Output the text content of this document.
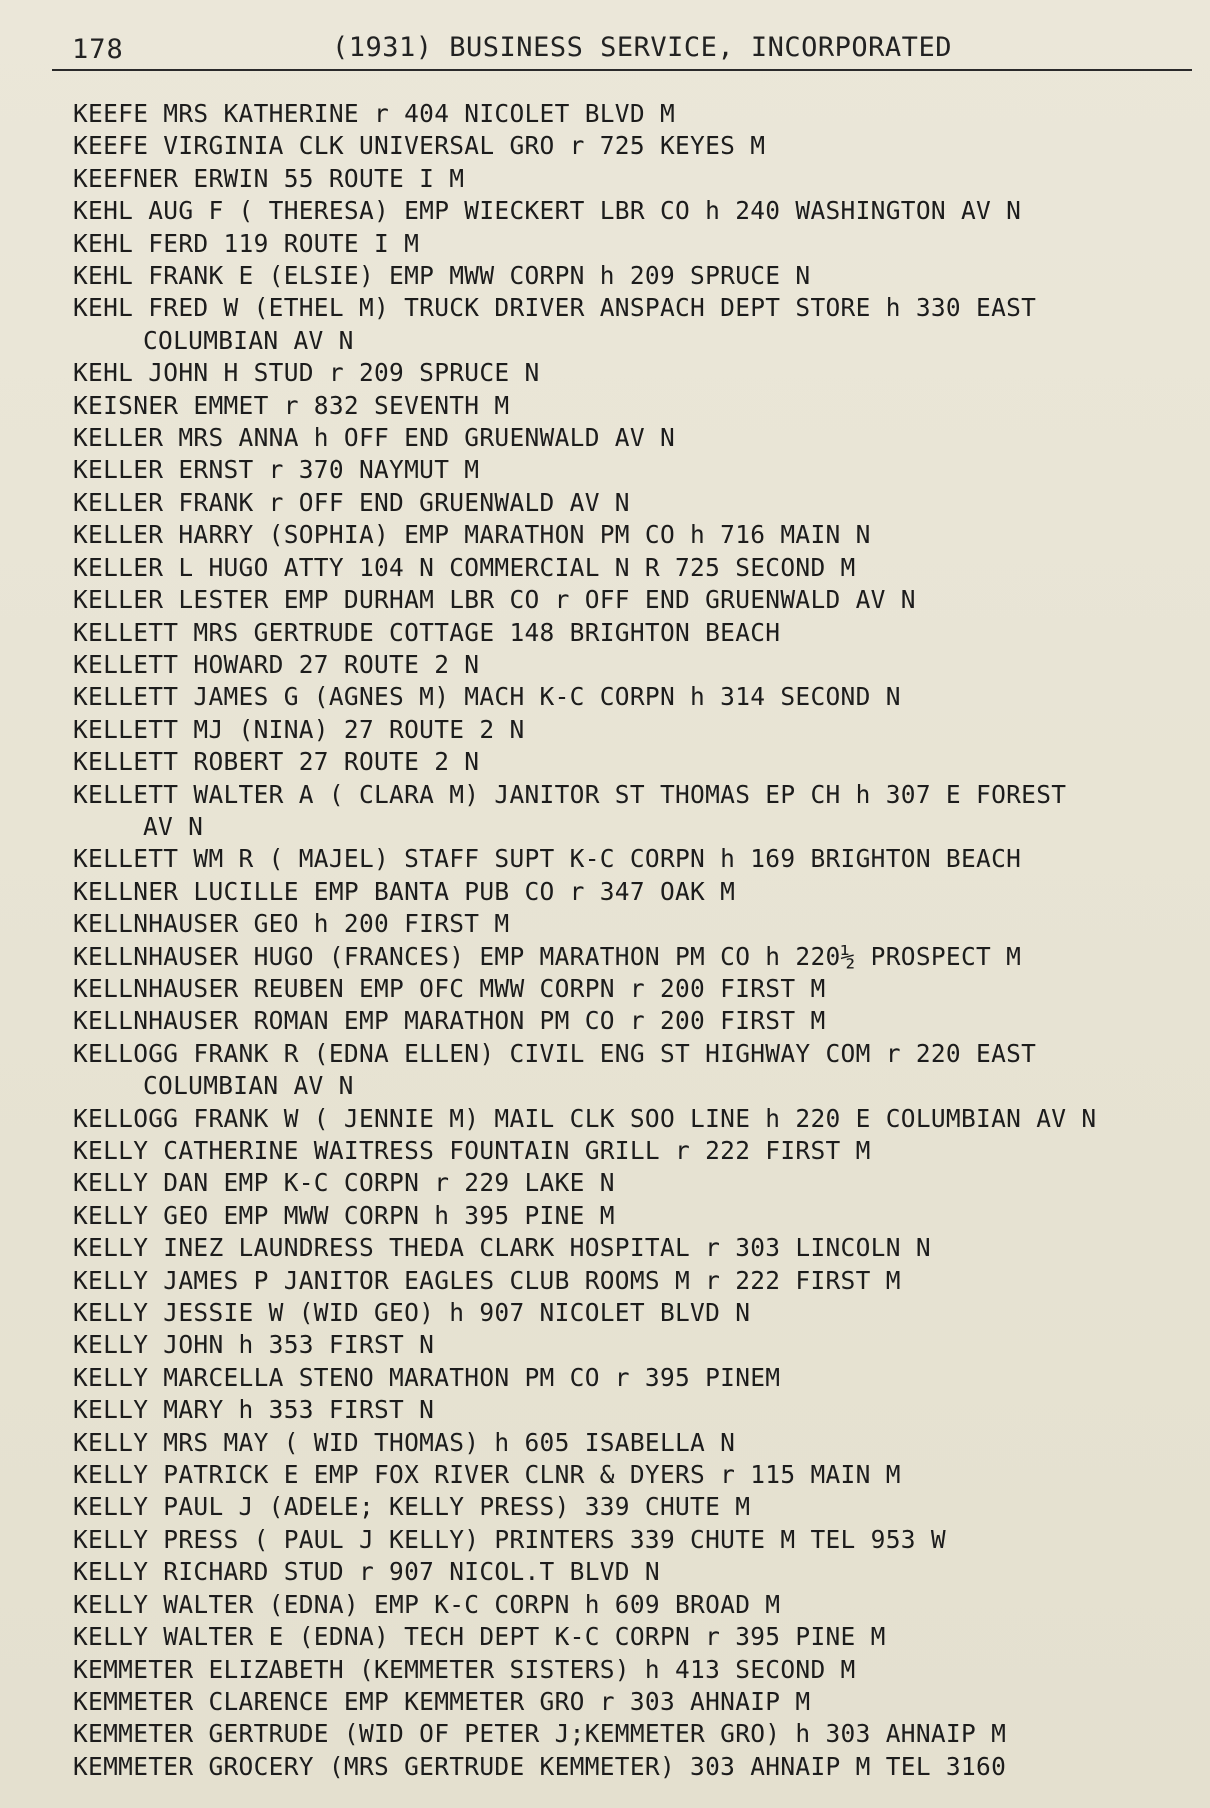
178	(1931) BUSINESS SERVICE, INCORPORATED
KEEFE MRS KATHERINE r 404 NICOLET BLVD M
KEEFE VIRGINIA CLK UNIVERSAL GRO r 725 KEYES M
KEEFNER ERWIN 55 ROUTE I M
KEHL AUG F ( THERESA) EMP WIECKERT LBR CO h 240 WASHINGTON AV N
KEHL FERD 119 ROUTE I M
KEHL FRANK E (ELSIE) EMP MWW CORPN h 209 SPRUCE N
KEHL FRED W (ETHEL M) TRUCK DRIVER ANSPACH DEPT STORE h 330 EAST
COLUMBIAN AV N
KEHL JOHN H STUD r 209 SPRUCE N
KEISNER EMMET r 832 SEVENTH M
KELLER MRS ANNA h OFF END GRUENWALD AV N
KELLER ERNST r 370 NAYMUT M
KELLER FRANK r OFF END GRUENWALD AV N
KELLER HARRY (SOPHIA) EMP MARATHON PM CO h 716 MAIN N
KELLER L HUGO ATTY 104 N COMMERCIAL N R 725 SECOND M
KELLER LESTER EMP DURHAM LBR CO r OFF END GRUENWALD AV N
KELLETT MRS GERTRUDE COTTAGE 148 BRIGHTON BEACH
KELLETT HOWARD 27 ROUTE 2 N
KELLETT JAMES G (AGNES M) MACH K-C CORPN h 314 SECOND N
KELLETT MJ (NINA) 27 ROUTE 2 N
KELLETT ROBERT 27 ROUTE 2 N
KELLETT WALTER A ( CLARA M) JANITOR ST THOMAS EP CH h 307 E FOREST
AV N
KELLETT WM R ( MAJEL) STAFF SUPT K-C CORPN h 169 BRIGHTON BEACH
KELLNER LUCILLE EMP BANTA PUB CO r 347 OAK M
KELLNHAUSER GEO h 200 FIRST M
KELLNHAUSER HUGO (FRANCES) EMP MARATHON PM CO h 220½ PROSPECT M
KELLNHAUSER REUBEN EMP OFC MWW CORPN r 200 FIRST M
KELLNHAUSER ROMAN EMP MARATHON PM CO r 200 FIRST M
KELLOGG FRANK R (EDNA ELLEN) CIVIL ENG ST HIGHWAY COM r 220 EAST
COLUMBIAN AV N
KELLOGG FRANK W ( JENNIE M) MAIL CLK SOO LINE h 220 E COLUMBIAN AV N
KELLY CATHERINE WAITRESS FOUNTAIN GRILL r 222 FIRST M
KELLY DAN EMP K-C CORPN r 229 LAKE N
KELLY GEO EMP MWW CORPN h 395 PINE M
KELLY INEZ LAUNDRESS THEDA CLARK HOSPITAL r 303 LINCOLN N
KELLY JAMES P JANITOR EAGLES CLUB ROOMS M r 222 FIRST M
KELLY JESSIE W (WID GEO) h 907 NICOLET BLVD N
KELLY JOHN h 353 FIRST N
KELLY MARCELLA STENO MARATHON PM CO r 395 PINEM
KELLY MARY h 353 FIRST N
KELLY MRS MAY ( WID THOMAS) h 605 ISABELLA N
KELLY PATRICK E EMP FOX RIVER CLNR & DYERS r 115 MAIN M
KELLY PAUL J (ADELE; KELLY PRESS) 339 CHUTE M
KELLY PRESS ( PAUL J KELLY) PRINTERS 339 CHUTE M TEL 953 W
KELLY RICHARD STUD r 907 NICOL.T BLVD N
KELLY WALTER (EDNA) EMP K-C CORPN h 609 BROAD M
KELLY WALTER E (EDNA) TECH DEPT K-C CORPN r 395 PINE M
KEMMETER ELIZABETH (KEMMETER SISTERS) h 413 SECOND M
KEMMETER CLARENCE EMP KEMMETER GRO r 303 AHNAIP M
KEMMETER GERTRUDE (WID OF PETER J;KEMMETER GRO) h 303 AHNAIP M
KEMMETER GROCERY (MRS GERTRUDE KEMMETER) 303 AHNAIP M TEL 3160
